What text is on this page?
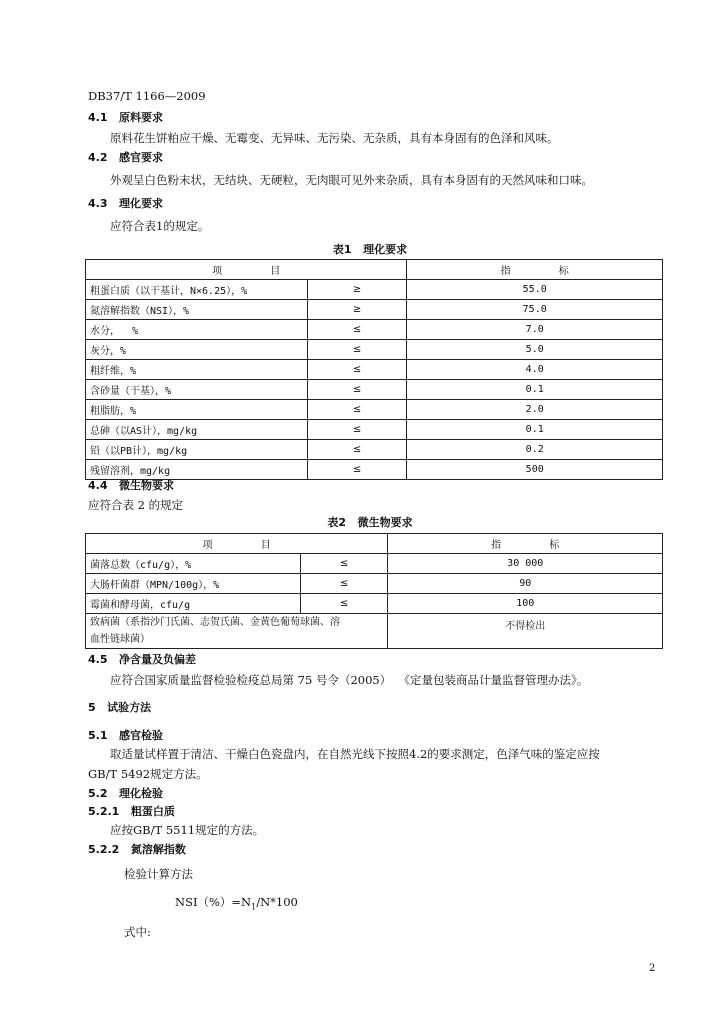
DB37/T 1166—2009
4.1 原料要求
原料花生饼粕应干燥、无霉变、无异味、无污染、无杂质，具有本身固有的色泽和风味。
4.2 感官要求
外观呈白色粉末状，无结块、无硬粒，无肉眼可见外来杂质，具有本身固有的天然风味和口味。
4.3 理化要求
应符合表1的规定。
表1   理化要求
项        目		指        标
粗蛋白质（以干基计，N×6.25），%	≥	55.0
氮溶解指数（NSI），%	≥	75.0
水分，  %	≤	7.0
灰分，%	≤	5.0
粗纤维，%	≤	4.0
含砂量（干基），%	≤	0.1
粗脂肪，%	≤	2.0
总砷（以AS计），mg/kg	≤	0.1
铅（以PB计），mg/kg	≤	0.2
残留溶剂，mg/kg	≤	500
4.4 微生物要求
应符合表 2 的规定
表2   微生物要求
项        目		指        标
菌落总数（cfu/g），%	≤	30 000
大肠杆菌群（MPN/100g），%	≤	90
霉菌和酵母菌，cfu/g	≤	100

致病菌（系指沙门氏菌、志贺氏菌、金黄色葡萄球菌、溶
血性链球菌）		不得检出
4.5 净含量及负偏差
应符合国家质量监督检验检疫总局第 75 号令（2005）  《定量包装商品计量监督管理办法》。
5 试验方法
5.1 感官检验
取适量试样置于清洁、干燥白色瓷盘内，在自然光线下按照4.2的要求测定，色泽气味的鉴定应按
GB/T 5492规定方法。
5.2 理化检验
5.2.1 粗蛋白质
应按GB/T 5511规定的方法。
5.2.2 氮溶解指数
检验计算方法
$NSI(\%)=N_1/N*100$
式中:
2
